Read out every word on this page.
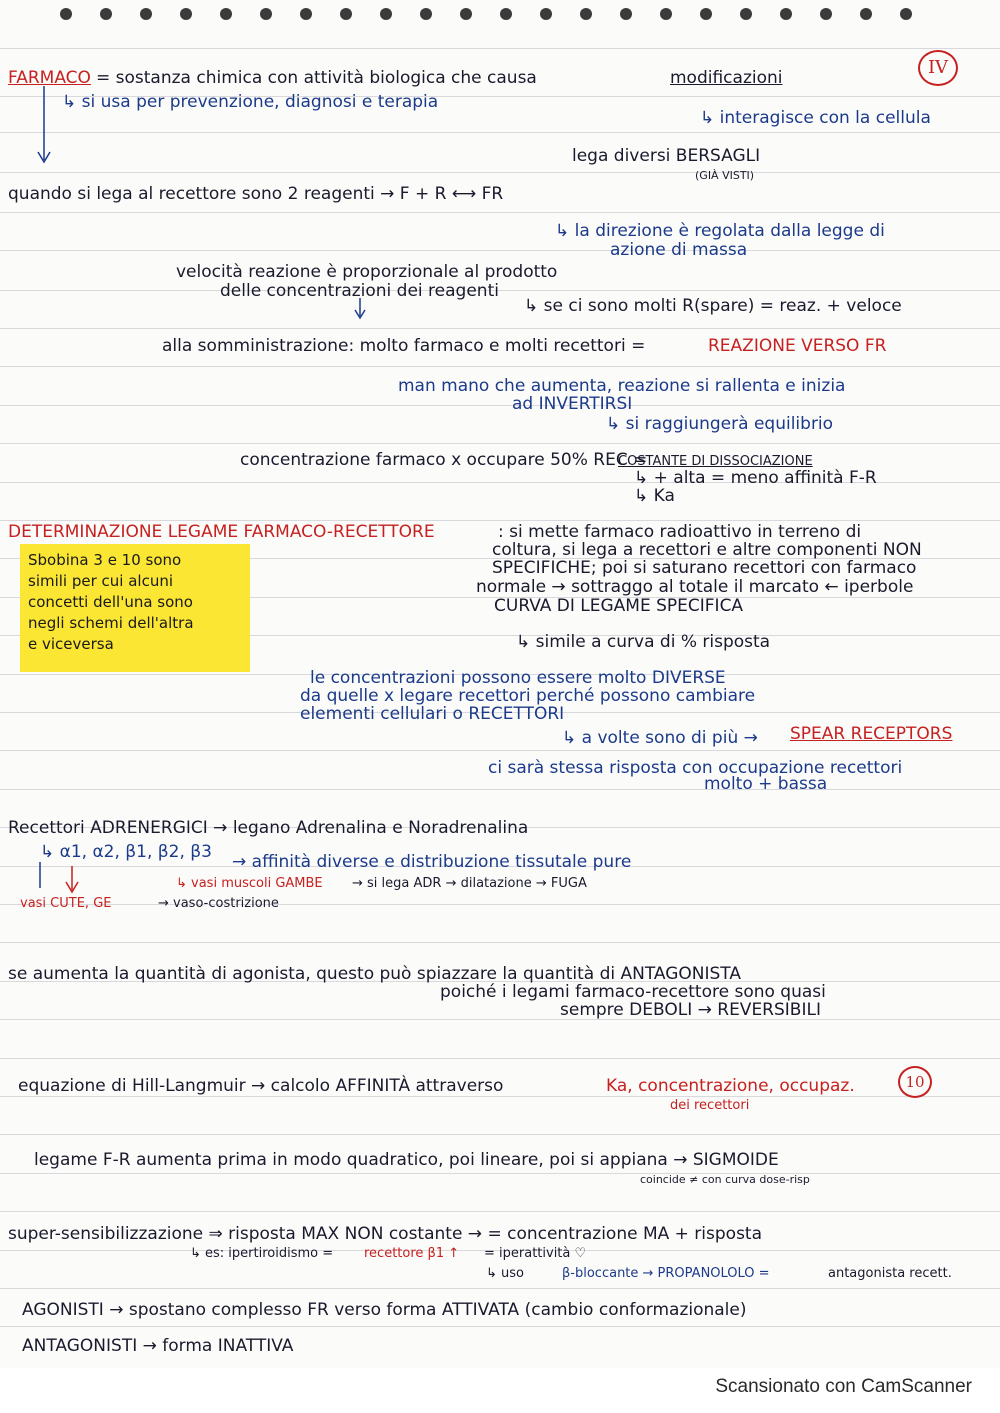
IV
FARMACO = sostanza chimica con attività biologica che causa	modificazioni
↳ si usa per prevenzione, diagnosi e terapia
↳ interagisce con la cellula
lega diversi BERSAGLI
(GIÀ VISTI)
quando si lega al recettore sono 2 reagenti → F + R ⟷ FR
↳ la direzione è regolata dalla legge di
azione di massa
velocità reazione è proporzionale al prodotto
delle concentrazioni dei reagenti
↳ se ci sono molti R(spare) = reaz. + veloce
alla somministrazione: molto farmaco e molti recettori =	REAZIONE VERSO FR
man mano che aumenta, reazione si rallenta e inizia
ad INVERTIRSI
↳ si raggiungerà equilibrio
concentrazione farmaco x occupare 50% REC =
COSTANTE DI DISSOCIAZIONE
↳ + alta = meno affinità F-R
↳ Ka
DETERMINAZIONE LEGAME FARMACO-RECETTORE	: si mette farmaco radioattivo in terreno di
coltura, si lega a recettori e altre componenti NON
SPECIFICHE; poi si saturano recettori con farmaco
normale → sottraggo al totale il marcato ← iperbole
CURVA DI LEGAME SPECIFICA
↳ simile a curva di % risposta
Sbobina 3 e 10 sono
simili per cui alcuni
concetti dell'una sono
negli schemi dell'altra
e viceversa
le concentrazioni possono essere molto DIVERSE
da quelle x legare recettori perché possono cambiare
elementi cellulari o RECETTORI
↳ a volte sono di più → SPEAR RECEPTORS
ci sarà stessa risposta con occupazione recettori
molto + bassa
Recettori ADRENERGICI → legano Adrenalina e Noradrenalina
↳ α1, α2, β1, β2, β3 → affinità diverse e distribuzione tissutale pure
↳ vasi muscoli GAMBE → si lega ADR → dilatazione → FUGA
vasi CUTE, GE	→ vaso-costrizione
se aumenta la quantità di agonista, questo può spiazzare la quantità di ANTAGONISTA
poiché i legami farmaco-recettore sono quasi
sempre DEBOLI → REVERSIBILI
equazione di Hill-Langmuir → calcolo AFFINITÀ attraverso	Ka, concentrazione, occupaz.
dei recettori
10
legame F-R aumenta prima in modo quadratico, poi lineare, poi si appiana → SIGMOIDE
coincide ≠ con curva dose-risp
super-sensibilizzazione ⇒ risposta MAX NON costante → = concentrazione MA + risposta
↳ es: ipertiroidismo = recettore β1 ↑ = iperattività ♡
↳ uso	β-bloccante → PROPANOLOLO =	antagonista recett.
AGONISTI → spostano complesso FR verso forma ATTIVATA (cambio conformazionale)
ANTAGONISTI → forma INATTIVA
Scansionato con CamScanner
